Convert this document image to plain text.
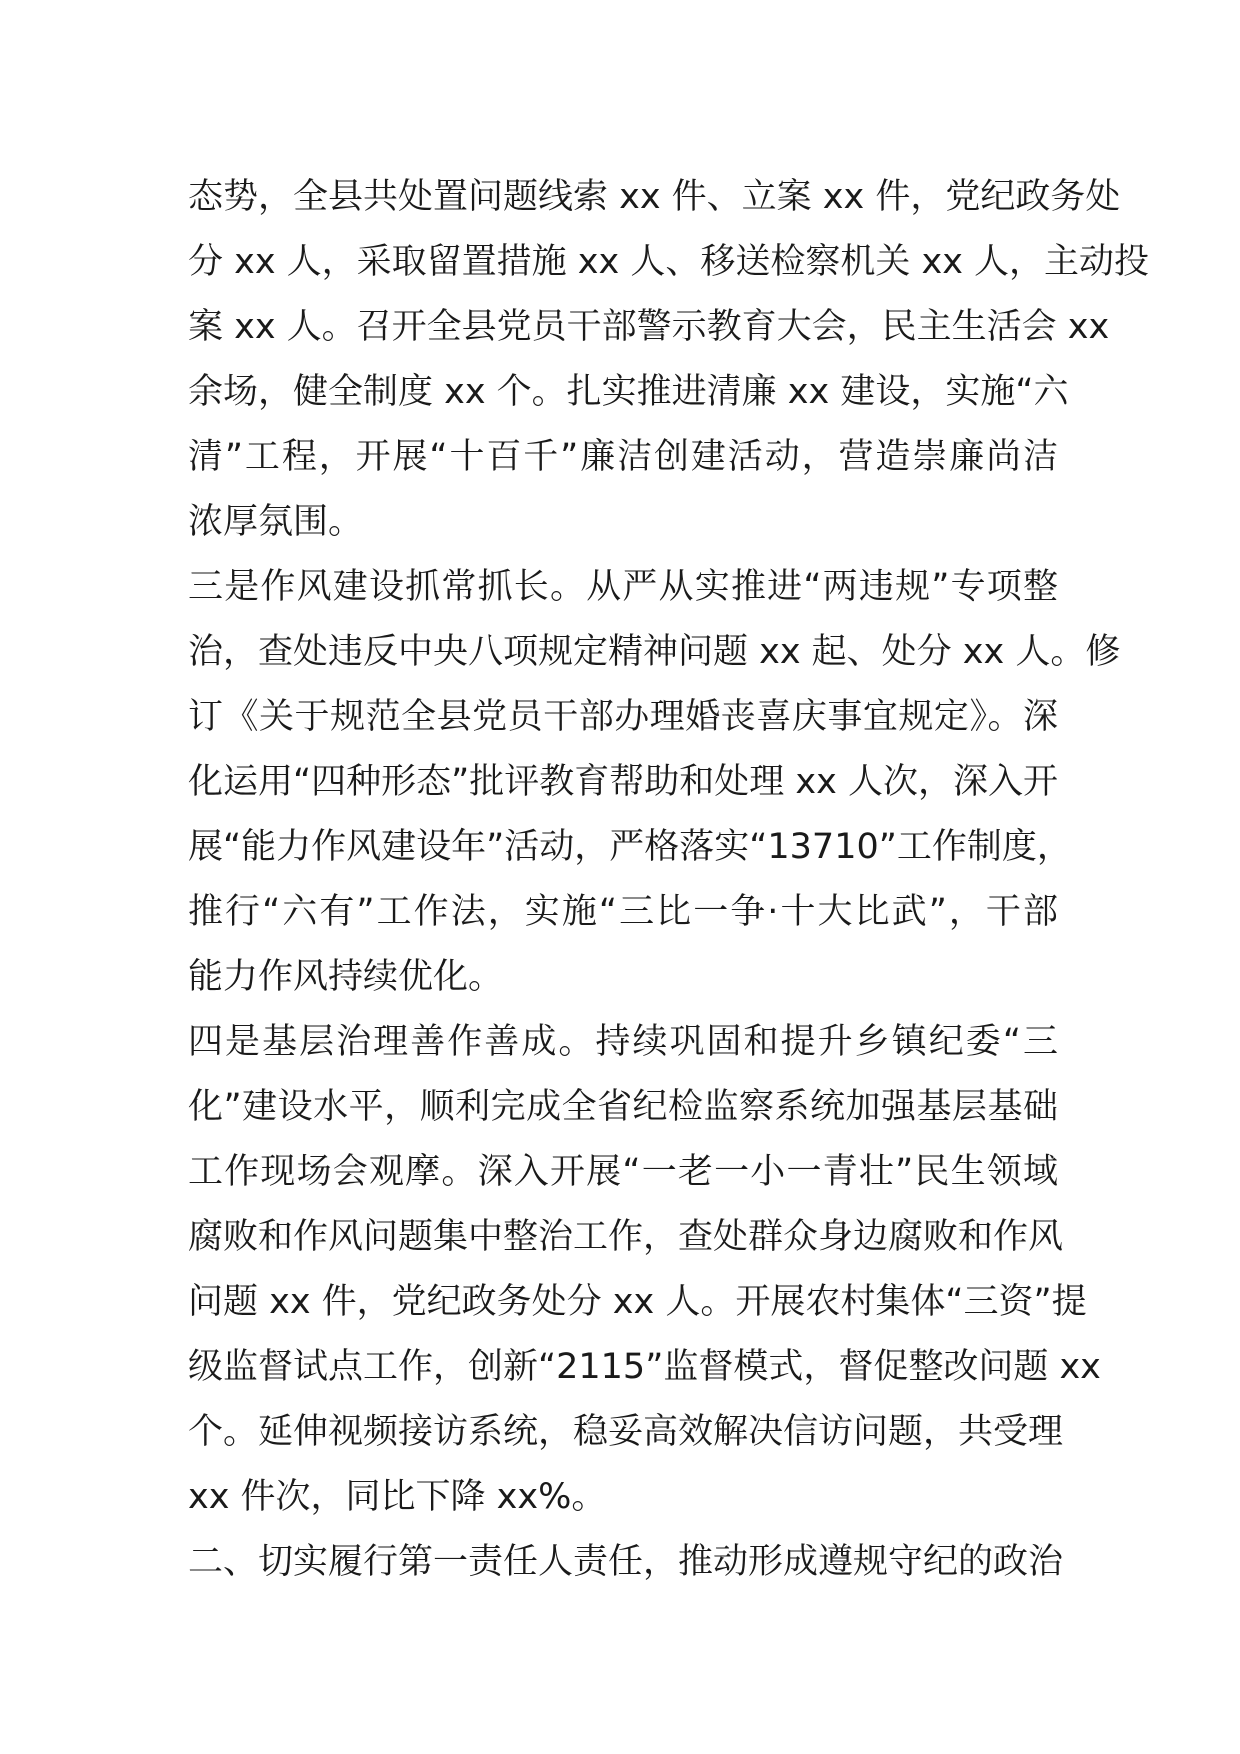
态势，全县共处置问题线索 xx 件、立案 xx 件，党纪政务处
分 xx 人，采取留置措施 xx 人、移送检察机关 xx 人，主动投
案 xx 人。召开全县党员干部警示教育大会，民主生活会 xx
余场，健全制度 xx 个。扎实推进清廉 xx 建设，实施“六
清”工程，开展“十百千”廉洁创建活动，营造崇廉尚洁
浓厚氛围。
三是作风建设抓常抓长。从严从实推进“两违规”专项整
治，查处违反中央八项规定精神问题 xx 起、处分 xx 人。修
订《关于规范全县党员干部办理婚丧喜庆事宜规定》。深
化运用“四种形态”批评教育帮助和处理 xx 人次，深入开
展“能力作风建设年”活动，严格落实“13710”工作制度，
推行“六有”工作法，实施“三比一争·十大比武”，干部
能力作风持续优化。
四是基层治理善作善成。持续巩固和提升乡镇纪委“三
化”建设水平，顺利完成全省纪检监察系统加强基层基础
工作现场会观摩。深入开展“一老一小一青壮”民生领域
腐败和作风问题集中整治工作，查处群众身边腐败和作风
问题 xx 件，党纪政务处分 xx 人。开展农村集体“三资”提
级监督试点工作，创新“2115”监督模式，督促整改问题 xx
个。延伸视频接访系统，稳妥高效解决信访问题，共受理
xx 件次，同比下降 xx%。
二、切实履行第一责任人责任，推动形成遵规守纪的政治
